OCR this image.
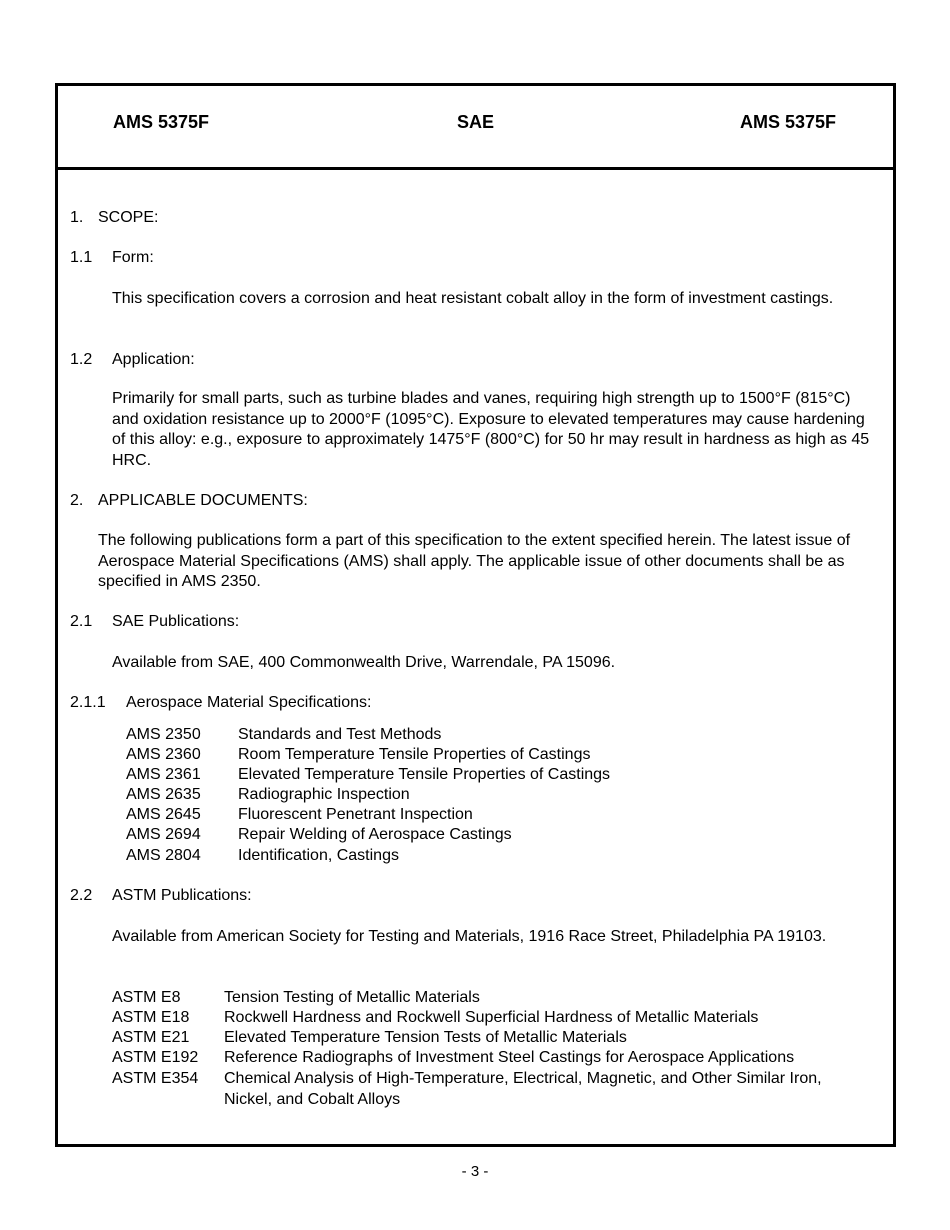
AMS 5375F	SAE	AMS 5375F
1. SCOPE:
1.1 Form:
This specification covers a corrosion and heat resistant cobalt alloy in the form of investment castings.
1.2 Application:
Primarily for small parts, such as turbine blades and vanes, requiring high strength up to 1500°F (815°C) and oxidation resistance up to 2000°F (1095°C). Exposure to elevated temperatures may cause hardening of this alloy: e.g., exposure to approximately 1475°F (800°C) for 50 hr may result in hardness as high as 45 HRC.
2. APPLICABLE DOCUMENTS:
The following publications form a part of this specification to the extent specified herein. The latest issue of Aerospace Material Specifications (AMS) shall apply. The applicable issue of other documents shall be as specified in AMS 2350.
2.1 SAE Publications:
Available from SAE, 400 Commonwealth Drive, Warrendale, PA 15096.
2.1.1 Aerospace Material Specifications:
AMS 2350 Standards and Test Methods
AMS 2360 Room Temperature Tensile Properties of Castings
AMS 2361 Elevated Temperature Tensile Properties of Castings
AMS 2635 Radiographic Inspection
AMS 2645 Fluorescent Penetrant Inspection
AMS 2694 Repair Welding of Aerospace Castings
AMS 2804 Identification, Castings
2.2 ASTM Publications:
Available from American Society for Testing and Materials, 1916 Race Street, Philadelphia PA 19103.
ASTM E8	Tension Testing of Metallic Materials
ASTM E18 Rockwell Hardness and Rockwell Superficial Hardness of Metallic Materials
ASTM E21 Elevated Temperature Tension Tests of Metallic Materials
ASTM E192 Reference Radiographs of Investment Steel Castings for Aerospace Applications
ASTM E354 Chemical Analysis of High-Temperature, Electrical, Magnetic, and Other Similar Iron, Nickel, and Cobalt Alloys
- 3 -
